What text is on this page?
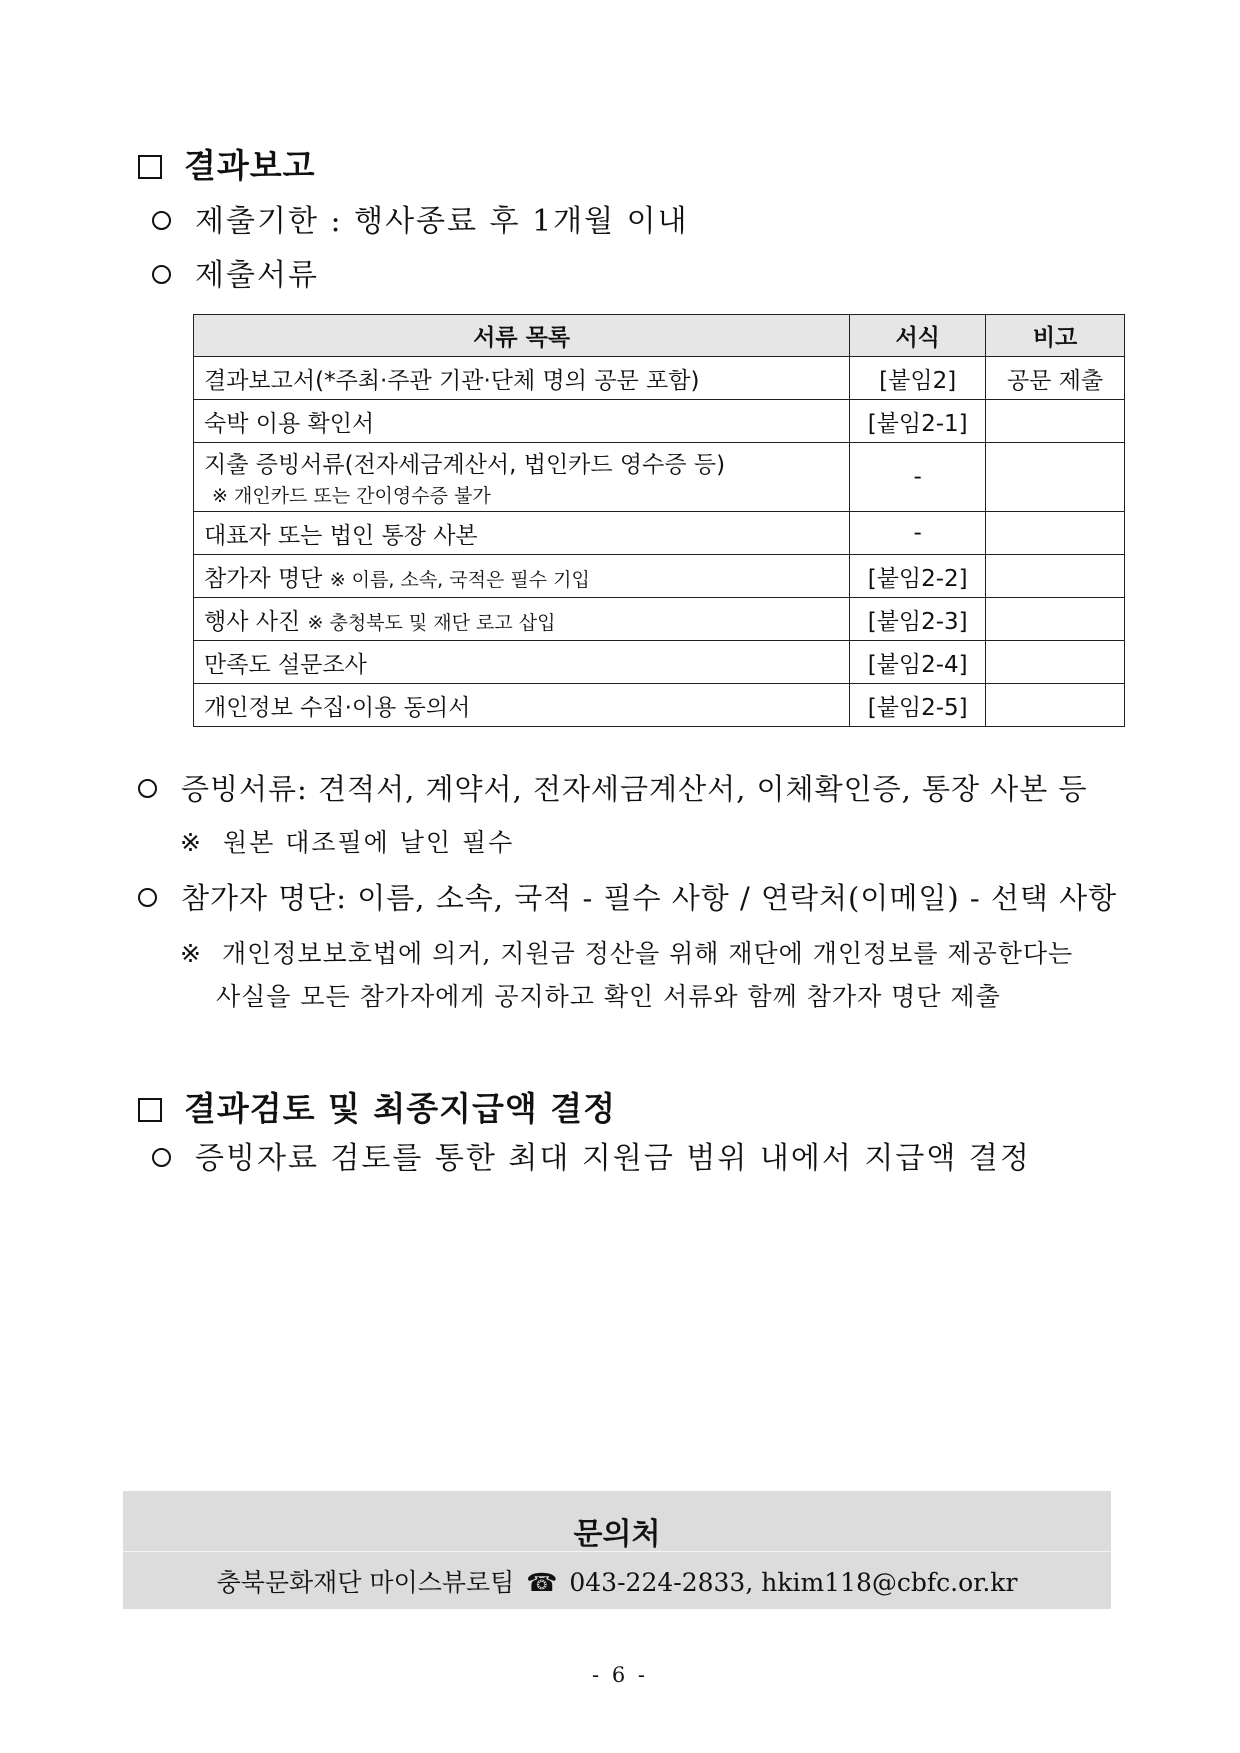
결과보고
제출기한 : 행사종료 후 1개월 이내
제출서류
서류 목록	서식	비고
결과보고서(*주최·주관 기관·단체 명의 공문 포함)	[붙임2]	공문 제출
숙박 이용 확인서	[붙임2-1]	
지출 증빙서류(전자세금계산서, 법인카드 영수증 등)
※ 개인카드 또는 간이영수증 불가	-	
대표자 또는 법인 통장 사본	-	
참가자 명단 ※ 이름, 소속, 국적은 필수 기입	[붙임2-2]	
행사 사진 ※ 충청북도 및 재단 로고 삽입	[붙임2-3]	
만족도 설문조사	[붙임2-4]	
개인정보 수집·이용 동의서	[붙임2-5]	
증빙서류: 견적서, 계약서, 전자세금계산서, 이체확인증, 통장 사본 등
※ 원본 대조필에 날인 필수
참가자 명단: 이름, 소속, 국적 - 필수 사항 / 연락처(이메일) - 선택 사항
※ 개인정보보호법에 의거, 지원금 정산을 위해 재단에 개인정보를 제공한다는
사실을 모든 참가자에게 공지하고 확인 서류와 함께 참가자 명단 제출
결과검토 및 최종지급액 결정
증빙자료 검토를 통한 최대 지원금 범위 내에서 지급액 결정
문의처
충북문화재단 마이스뷰로팀 ☎ 043-224-2833, hkim118@cbfc.or.kr
- 6 -
